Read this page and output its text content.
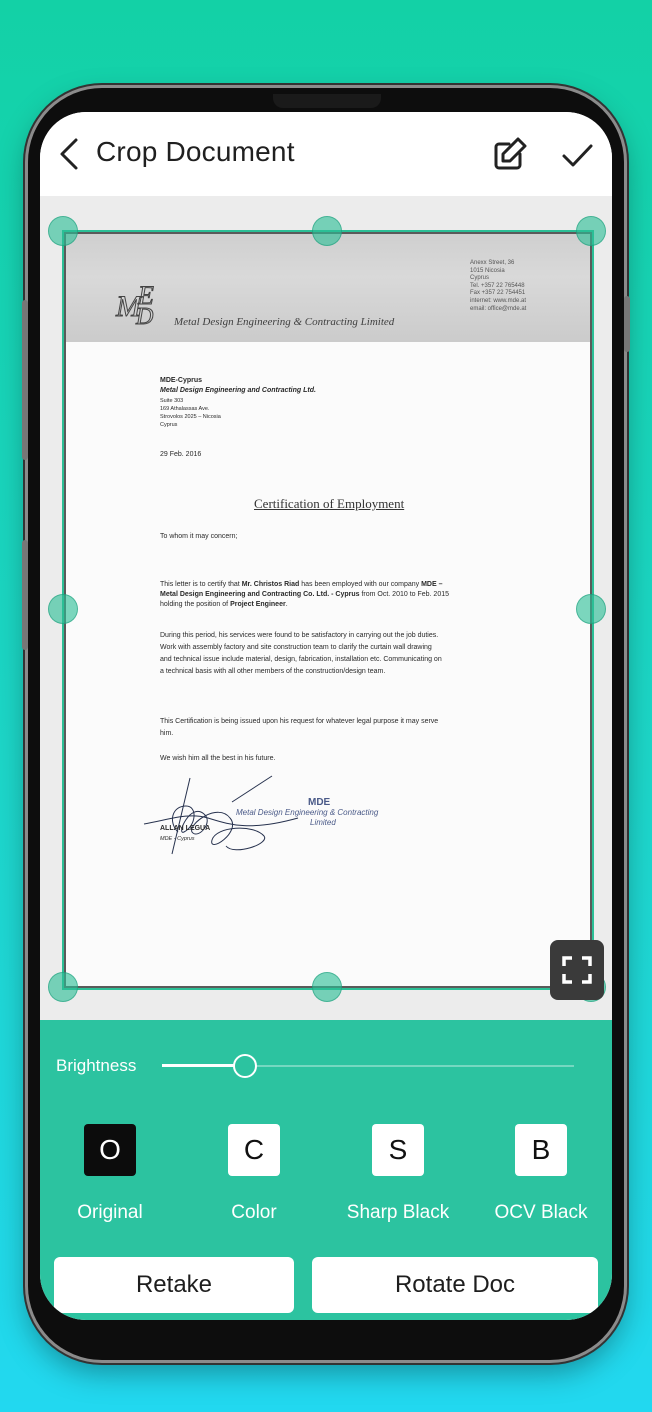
Crop Document
M
E
D Metal Design Engineering & Contracting Limited
Anexx Street, 36
1015 Nicosia
Cyprus
Tel. +357 22 765448
Fax +357 22 754451
internet: www.mde.at
email: office@mde.at
MDE-Cyprus
Metal Design Engineering and Contracting Ltd.
Suite 303
169 Athalassas Ave.
Strovolos 2025 – Nicosia
Cyprus
29 Feb. 2016
Certification of Employment
To whom it may concern;
This letter is to certify that Mr. Christos Riad has been employed with our company MDE –
Metal Design Engineering and Contracting Co. Ltd. - Cyprus from Oct. 2010 to Feb. 2015
holding the position of Project Engineer.
During this period, his services were found to be satisfactory in carrying out the job duties.
Work with assembly factory and site construction team to clarify the curtain wall drawing
and technical issue include material, design, fabrication, installation etc. Communicating on
a technical basis with all other members of the construction/design team.
This Certification is being issued upon his request for whatever legal purpose it may serve
him.
We wish him all the best in his future.
ALLAN LEGUA
MDE - Cyprus
MDE
Metal Design Engineering & Contracting
Limited
Brightness
O
Original
C
Color
S
Sharp Black
B
OCV Black
Retake	Rotate Doc
